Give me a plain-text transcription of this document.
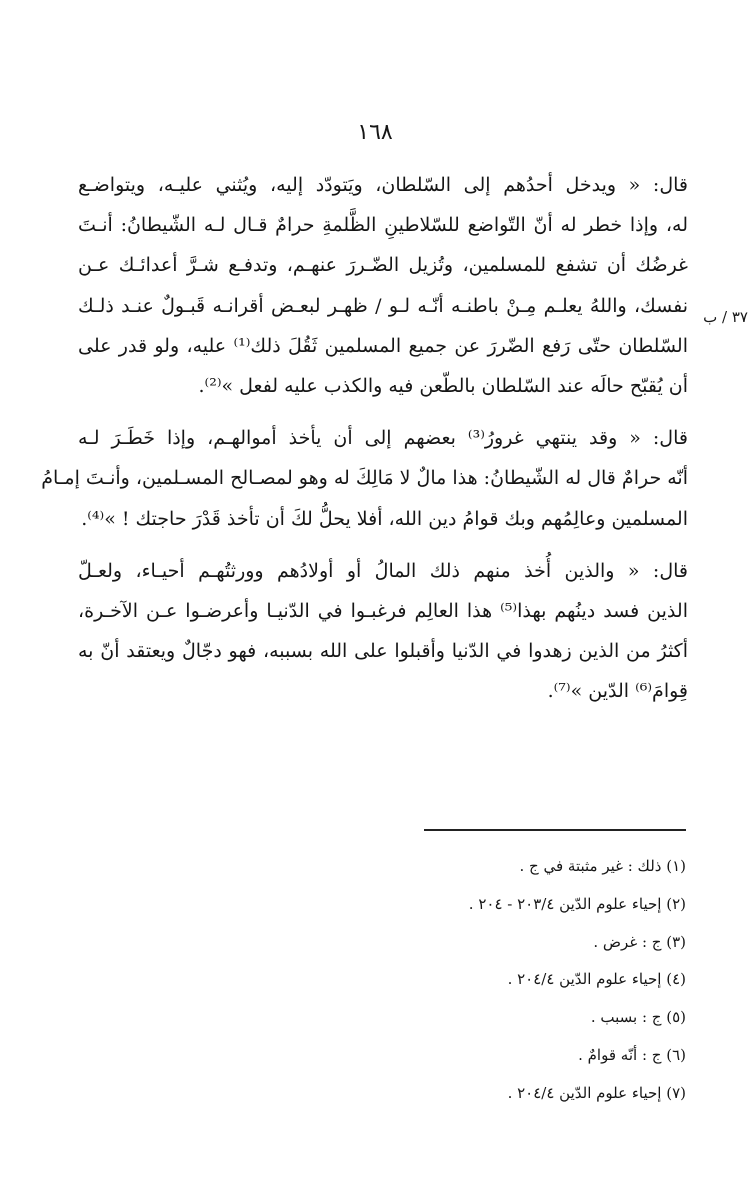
١٦٨
٣٧ / ب

قال: « ويدخل أحدُهم إلى السّلطان، ويَتودّد إليه، ويُثني عليـه، ويتواضـع
له، وإذا خطر له أنّ التّواضع للسّلاطينِ الظَّلمةِ حرامٌ قـال لـه الشّيطانُ: أنـتَ
غرضُك أن تشفع للمسلمين، وتُزيل الضّـررَ عنهـم، وتدفـع شـرَّ أعدائـك عـن
نفسك، واللهُ يعلـم مِـنْ باطنـه أنّـه لـو / ظهـر لبعـض أقرانـه قَبـولٌ عنـد ذلـك
السّلطان حتّى رَفع الضّررَ عن جميع المسلمين ثَقُلَ ذلك⁽¹⁾ عليه، ولو قدر على
أن يُقبّح حالَه عند السّلطان بالطّعن فيه والكذب عليه لفعل »⁽²⁾.

قال: « وقد ينتهي غرورُ⁽³⁾ بعضهم إلى أن يأخذ أموالهـم، وإذا خَطَـرَ لـه
أنّه حرامٌ قال له الشّيطانُ: هذا مالٌ لا مَالِكَ له وهو لمصـالح المسـلمين، وأنـتَ إمـامُ
المسلمين وعالِمُهم وبك قوامُ دين الله، أفلا يحلُّ لكَ أن تأخذ قَدْرَ حاجتك ! »⁽⁴⁾.

قال: « والذين أُخذ منهم ذلك المالُ أو أولادُهم وورثتُهـم أحيـاء، ولعـلّ
الذين فسد دينُهم بهذا⁽⁵⁾ هذا العالِم فرغبـوا في الدّنيـا وأعرضـوا عـن الآخـرة،
أكثرُ من الذين زهدوا في الدّنيا وأقبلوا على الله بسببه، فهو دجّالٌ ويعتقد أنّ به
قِوامَ⁽⁶⁾ الدّين »⁽⁷⁾.

(١) ذلك : غير مثبتة في ج .
(٢) إحياء علوم الدّين ٢٠٣/٤ - ٢٠٤ .
(٣) ج : غرض .
(٤) إحياء علوم الدّين ٢٠٤/٤ .
(٥) ج : بسبب .
(٦) ج : أنّه قوامٌ .
(٧) إحياء علوم الدّين ٢٠٤/٤ .
